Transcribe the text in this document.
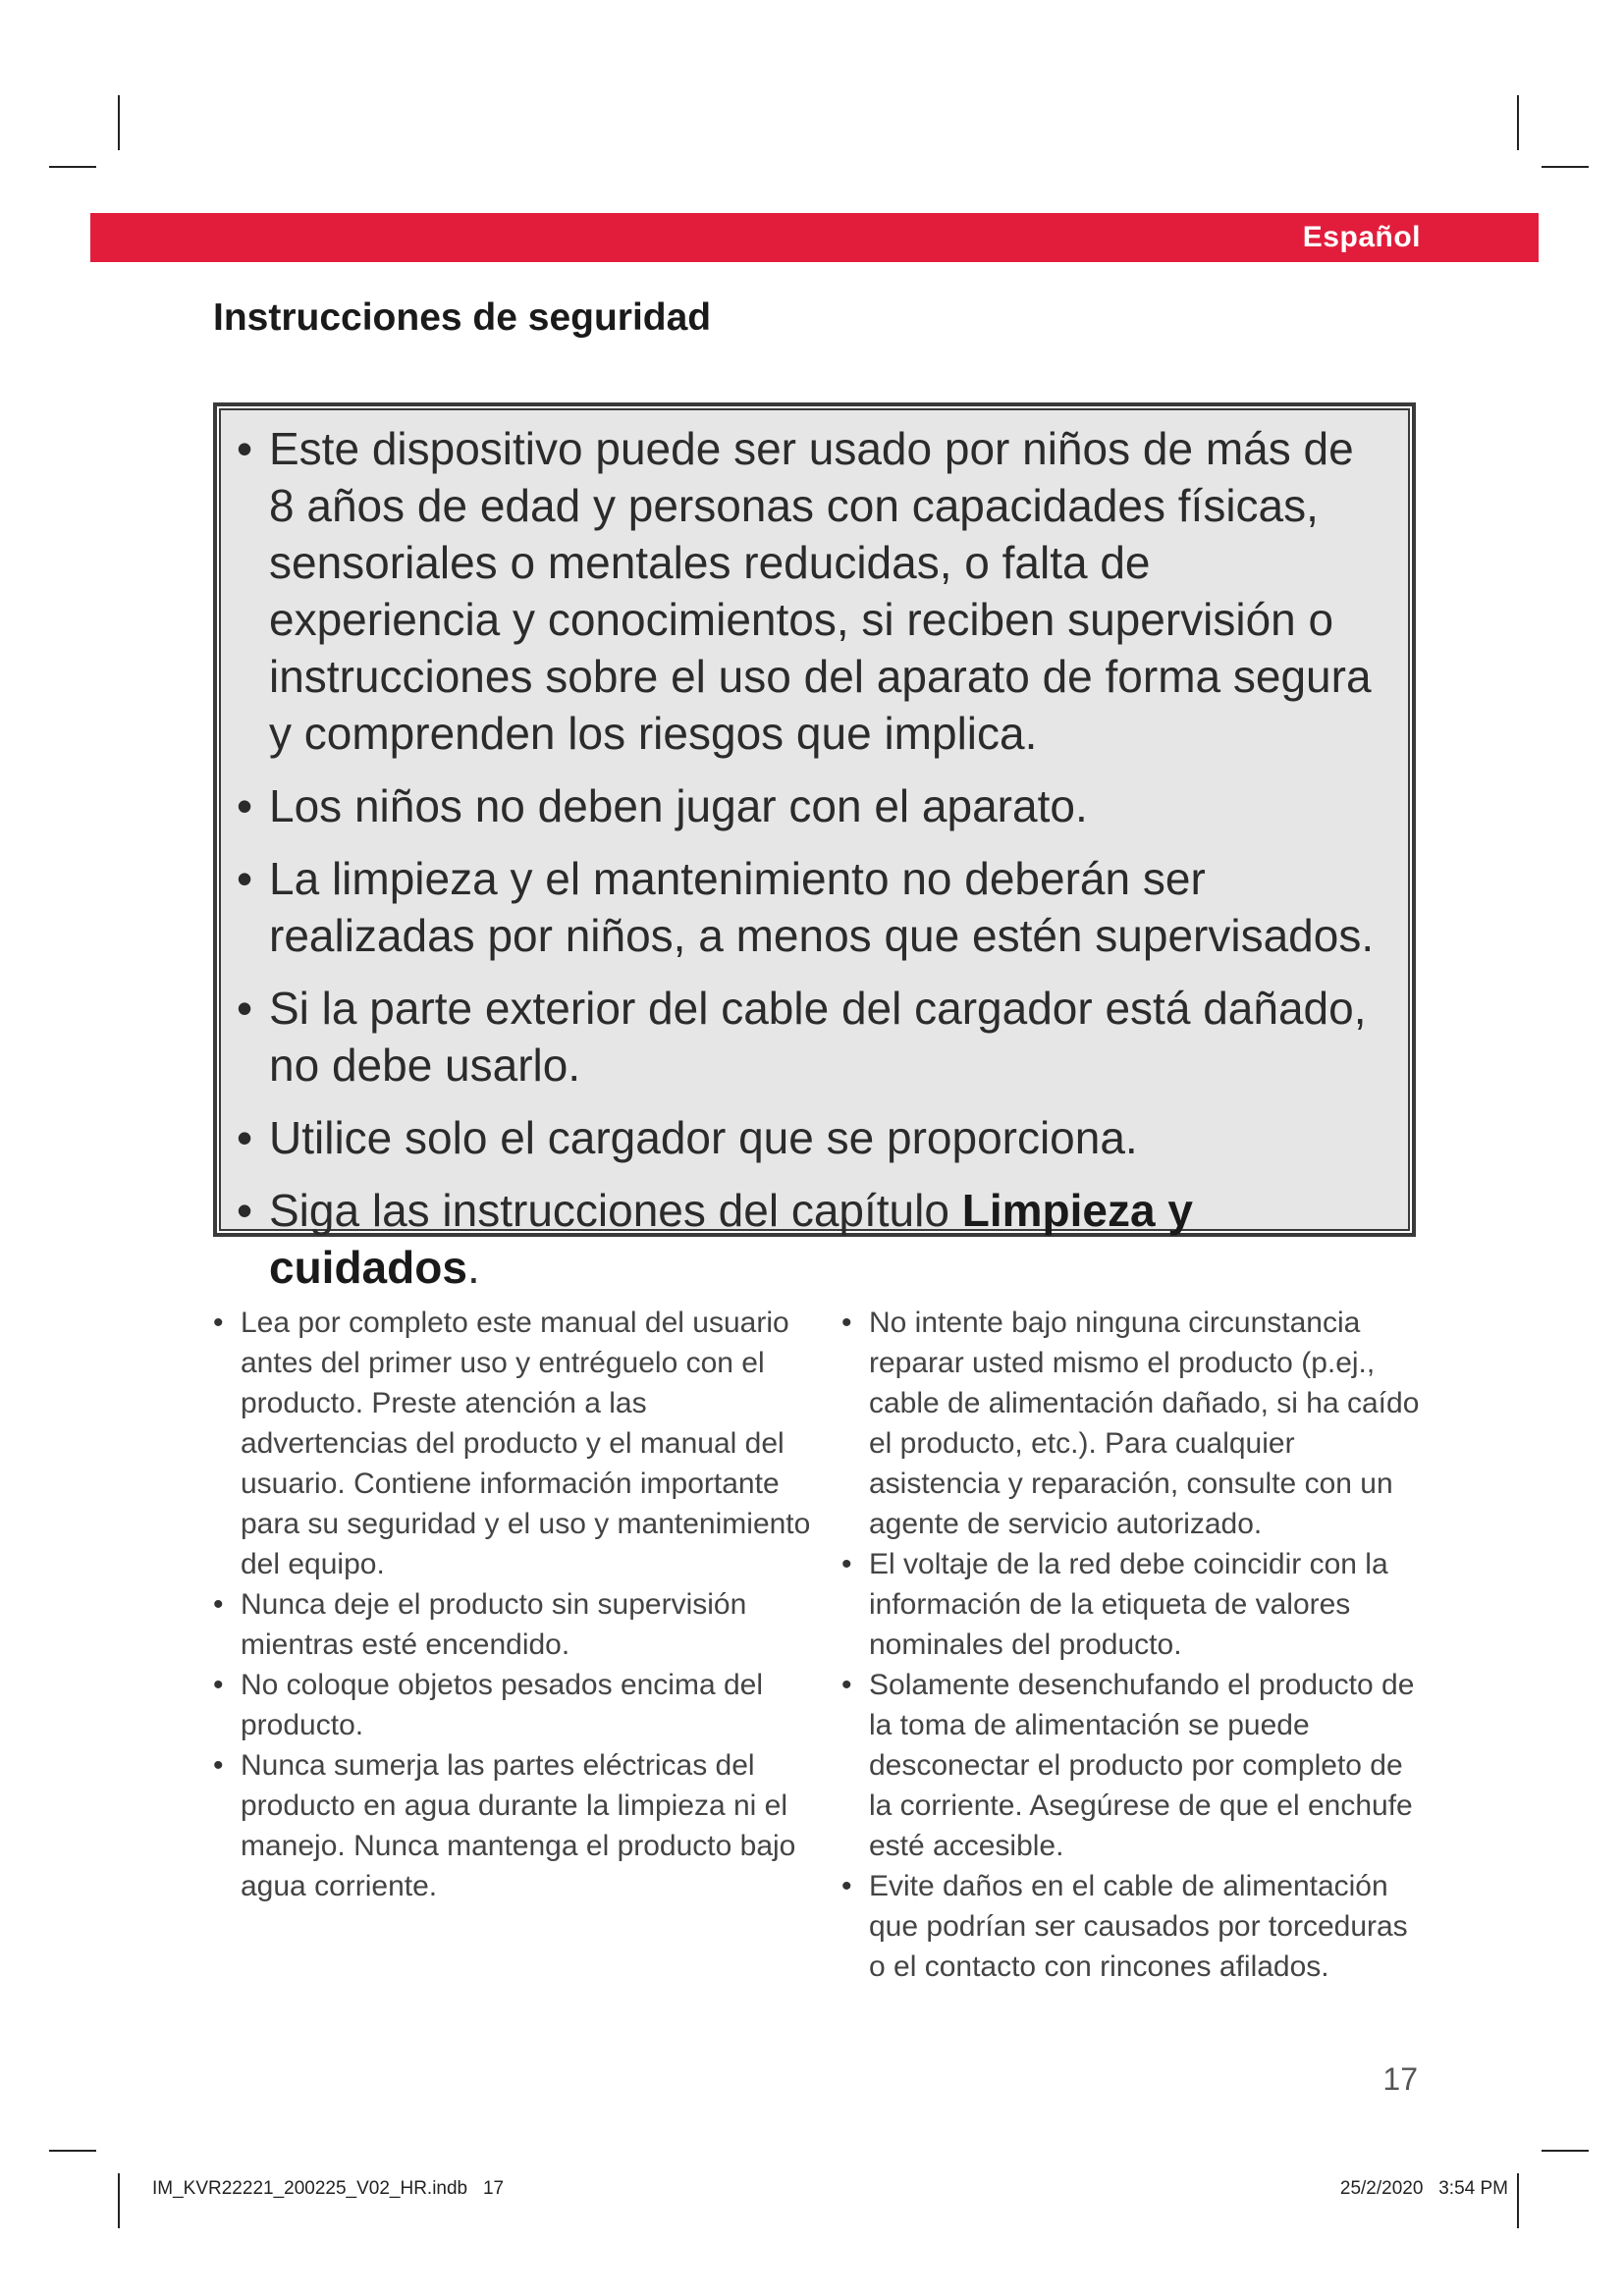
Español
Instrucciones de seguridad
• Este dispositivo puede ser usado por niños de más de 8 años de edad y personas con capacidades físicas, sensoriales o mentales reducidas, o falta de experiencia y conocimientos, si reciben supervisión o instrucciones sobre el uso del aparato de forma segura y comprenden los riesgos que implica.
• Los niños no deben jugar con el aparato.
• La limpieza y el mantenimiento no deberán ser realizadas por niños, a menos que estén supervisados.
• Si la parte exterior del cable del cargador está dañado, no debe usarlo.
• Utilice solo el cargador que se proporciona.
• Siga las instrucciones del capítulo Limpieza y cuidados.
• Lea por completo este manual del usuario antes del primer uso y entréguelo con el producto. Preste atención a las advertencias del producto y el manual del usuario. Contiene información importante para su seguridad y el uso y mantenimiento del equipo.
• Nunca deje el producto sin supervisión mientras esté encendido.
• No coloque objetos pesados encima del producto.
• Nunca sumerja las partes eléctricas del producto en agua durante la limpieza ni el manejo. Nunca mantenga el producto bajo agua corriente.
• No intente bajo ninguna circunstancia reparar usted mismo el producto (p.ej., cable de alimentación dañado, si ha caído el producto, etc.). Para cualquier asistencia y reparación, consulte con un agente de servicio autorizado.
• El voltaje de la red debe coincidir con la información de la etiqueta de valores nominales del producto.
• Solamente desenchufando el producto de la toma de alimentación se puede desconectar el producto por completo de la corriente. Asegúrese de que el enchufe esté accesible.
• Evite daños en el cable de alimentación que podrían ser causados por torceduras o el contacto con rincones afilados.
17
IM_KVR22221_200225_V02_HR.indb   17	25/2/2020   3:54 PM
